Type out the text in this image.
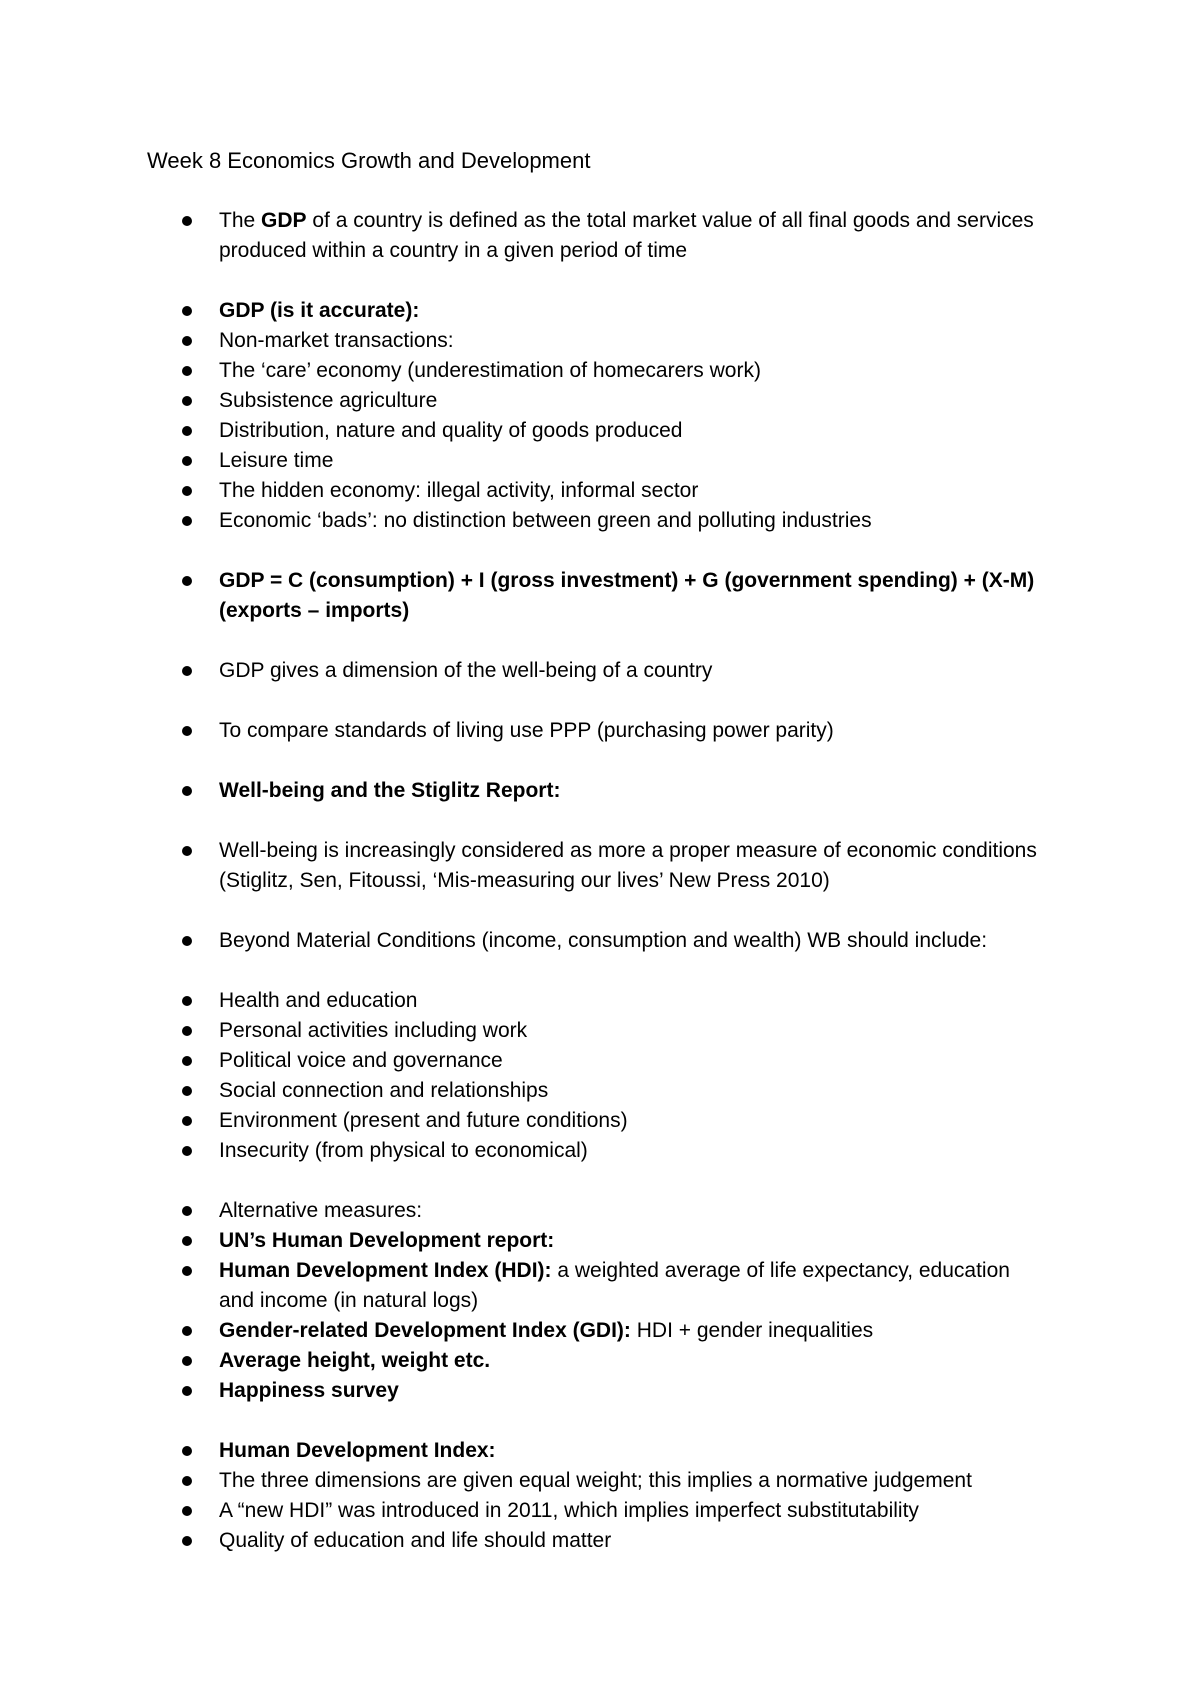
Week 8 Economics Growth and Development
The GDP of a country is defined as the total market value of all final goods and services produced within a country in a given period of time
GDP (is it accurate):
Non-market transactions:
The ‘care’ economy (underestimation of homecarers work)
Subsistence agriculture
Distribution, nature and quality of goods produced
Leisure time
The hidden economy: illegal activity, informal sector
Economic ‘bads’: no distinction between green and polluting industries
GDP = C (consumption) + I (gross investment) + G (government spending) + (X-M) (exports – imports)
GDP gives a dimension of the well-being of a country
To compare standards of living use PPP (purchasing power parity)
Well-being and the Stiglitz Report:
Well-being is increasingly considered as more a proper measure of economic conditions (Stiglitz, Sen, Fitoussi, ‘Mis-measuring our lives’ New Press 2010)
Beyond Material Conditions (income, consumption and wealth) WB should include:
Health and education
Personal activities including work
Political voice and governance
Social connection and relationships
Environment (present and future conditions)
Insecurity (from physical to economical)
Alternative measures:
UN’s Human Development report:
Human Development Index (HDI): a weighted average of life expectancy, education and income (in natural logs)
Gender-related Development Index (GDI): HDI + gender inequalities
Average height, weight etc.
Happiness survey
Human Development Index:
The three dimensions are given equal weight; this implies a normative judgement
A “new HDI” was introduced in 2011, which implies imperfect substitutability
Quality of education and life should matter
